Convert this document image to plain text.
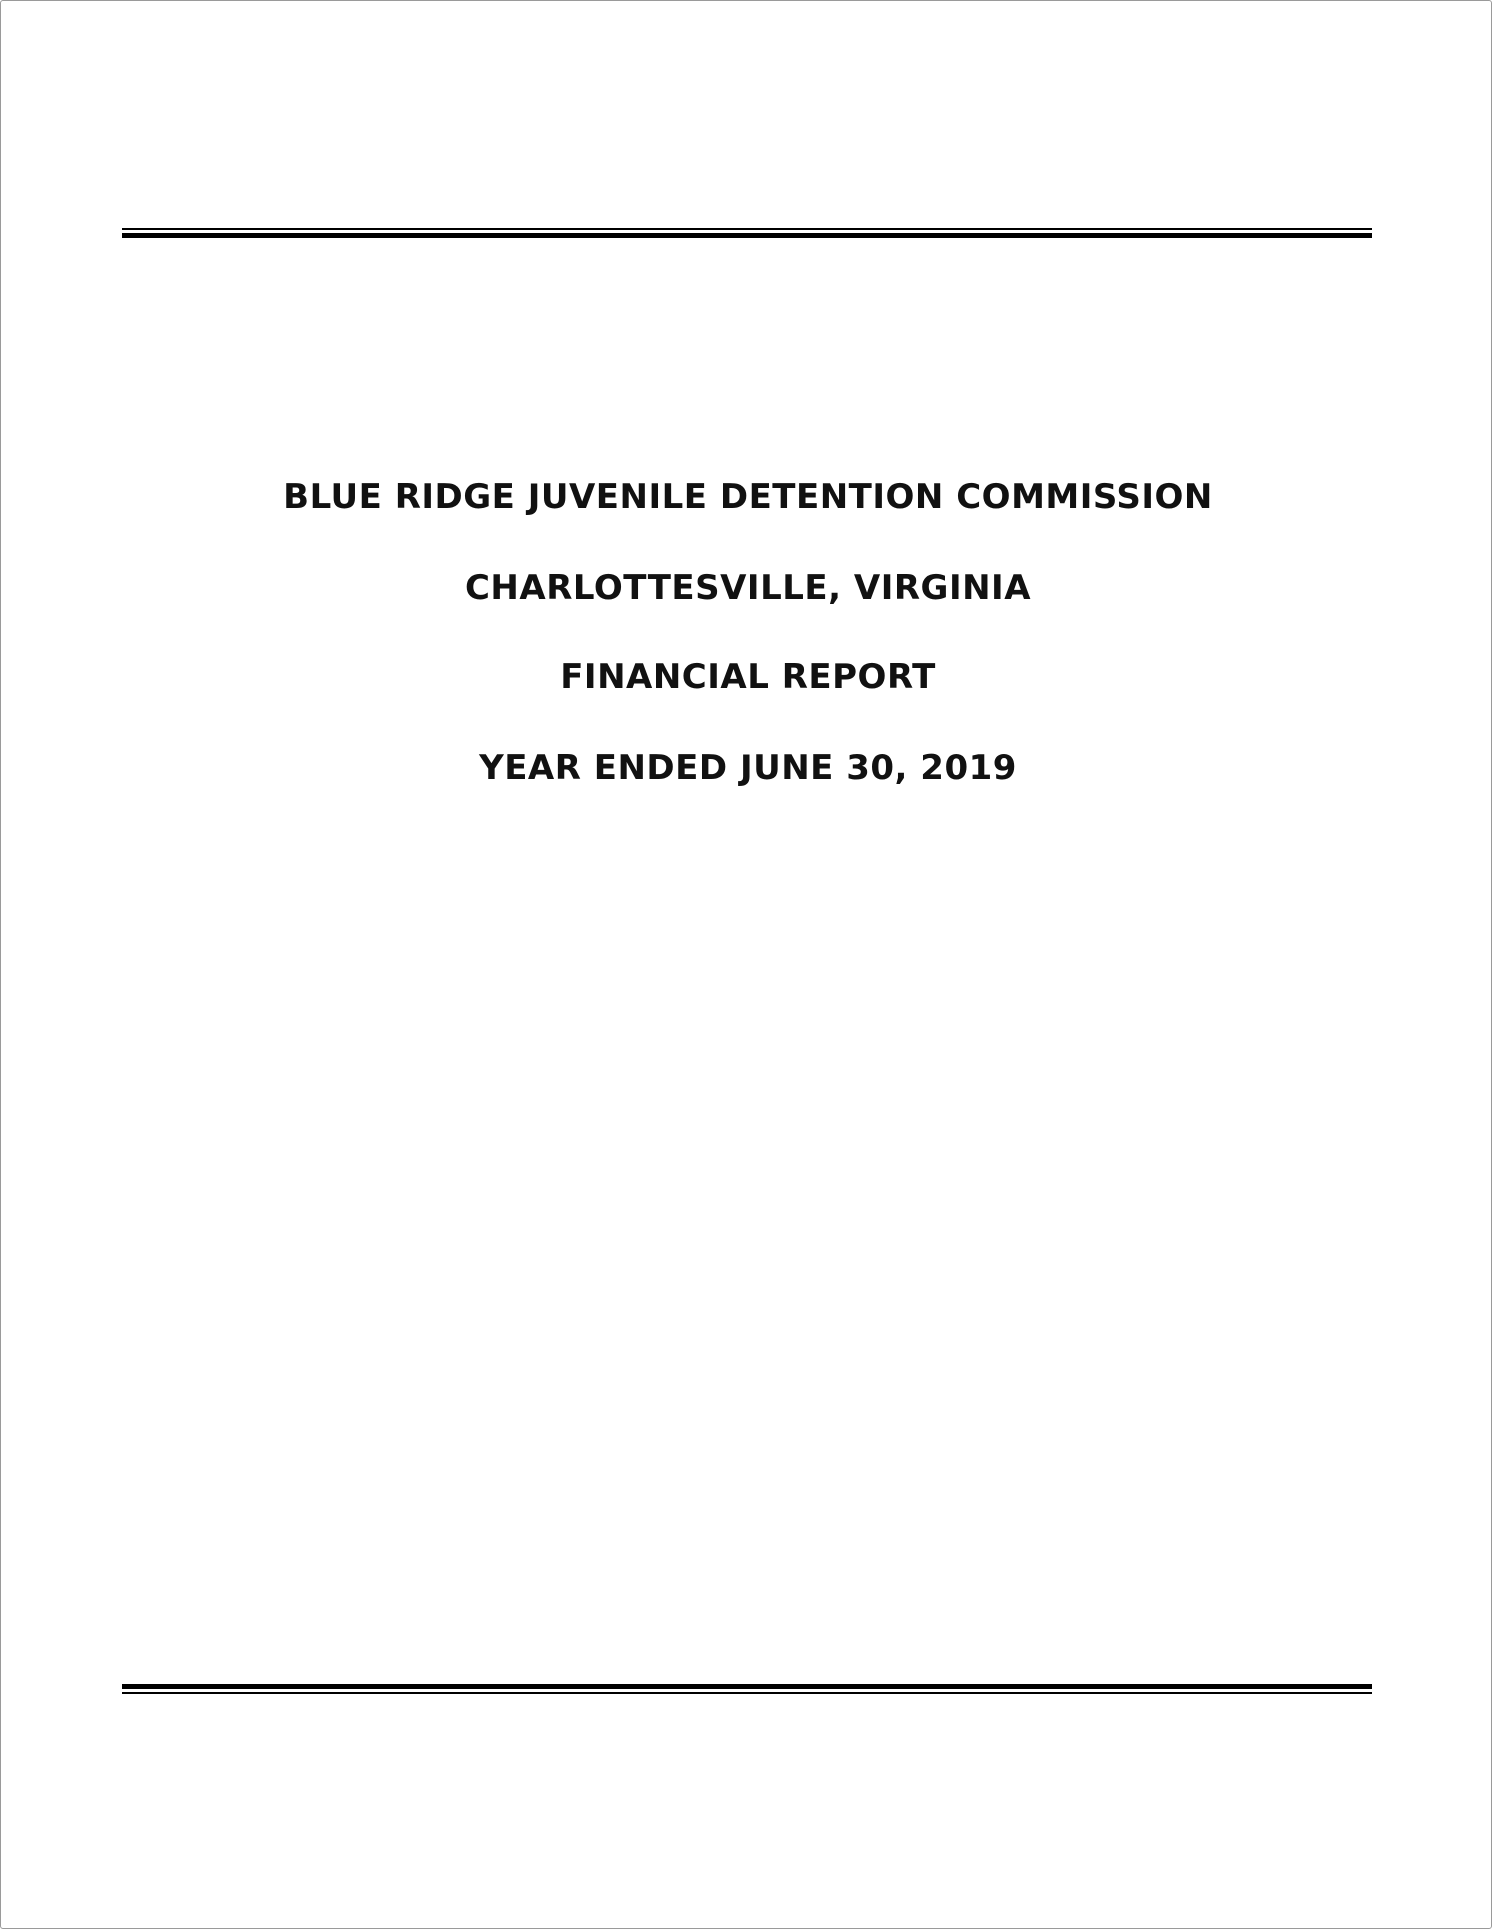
BLUE RIDGE JUVENILE DETENTION COMMISSION
CHARLOTTESVILLE, VIRGINIA
FINANCIAL REPORT
YEAR ENDED JUNE 30, 2019
